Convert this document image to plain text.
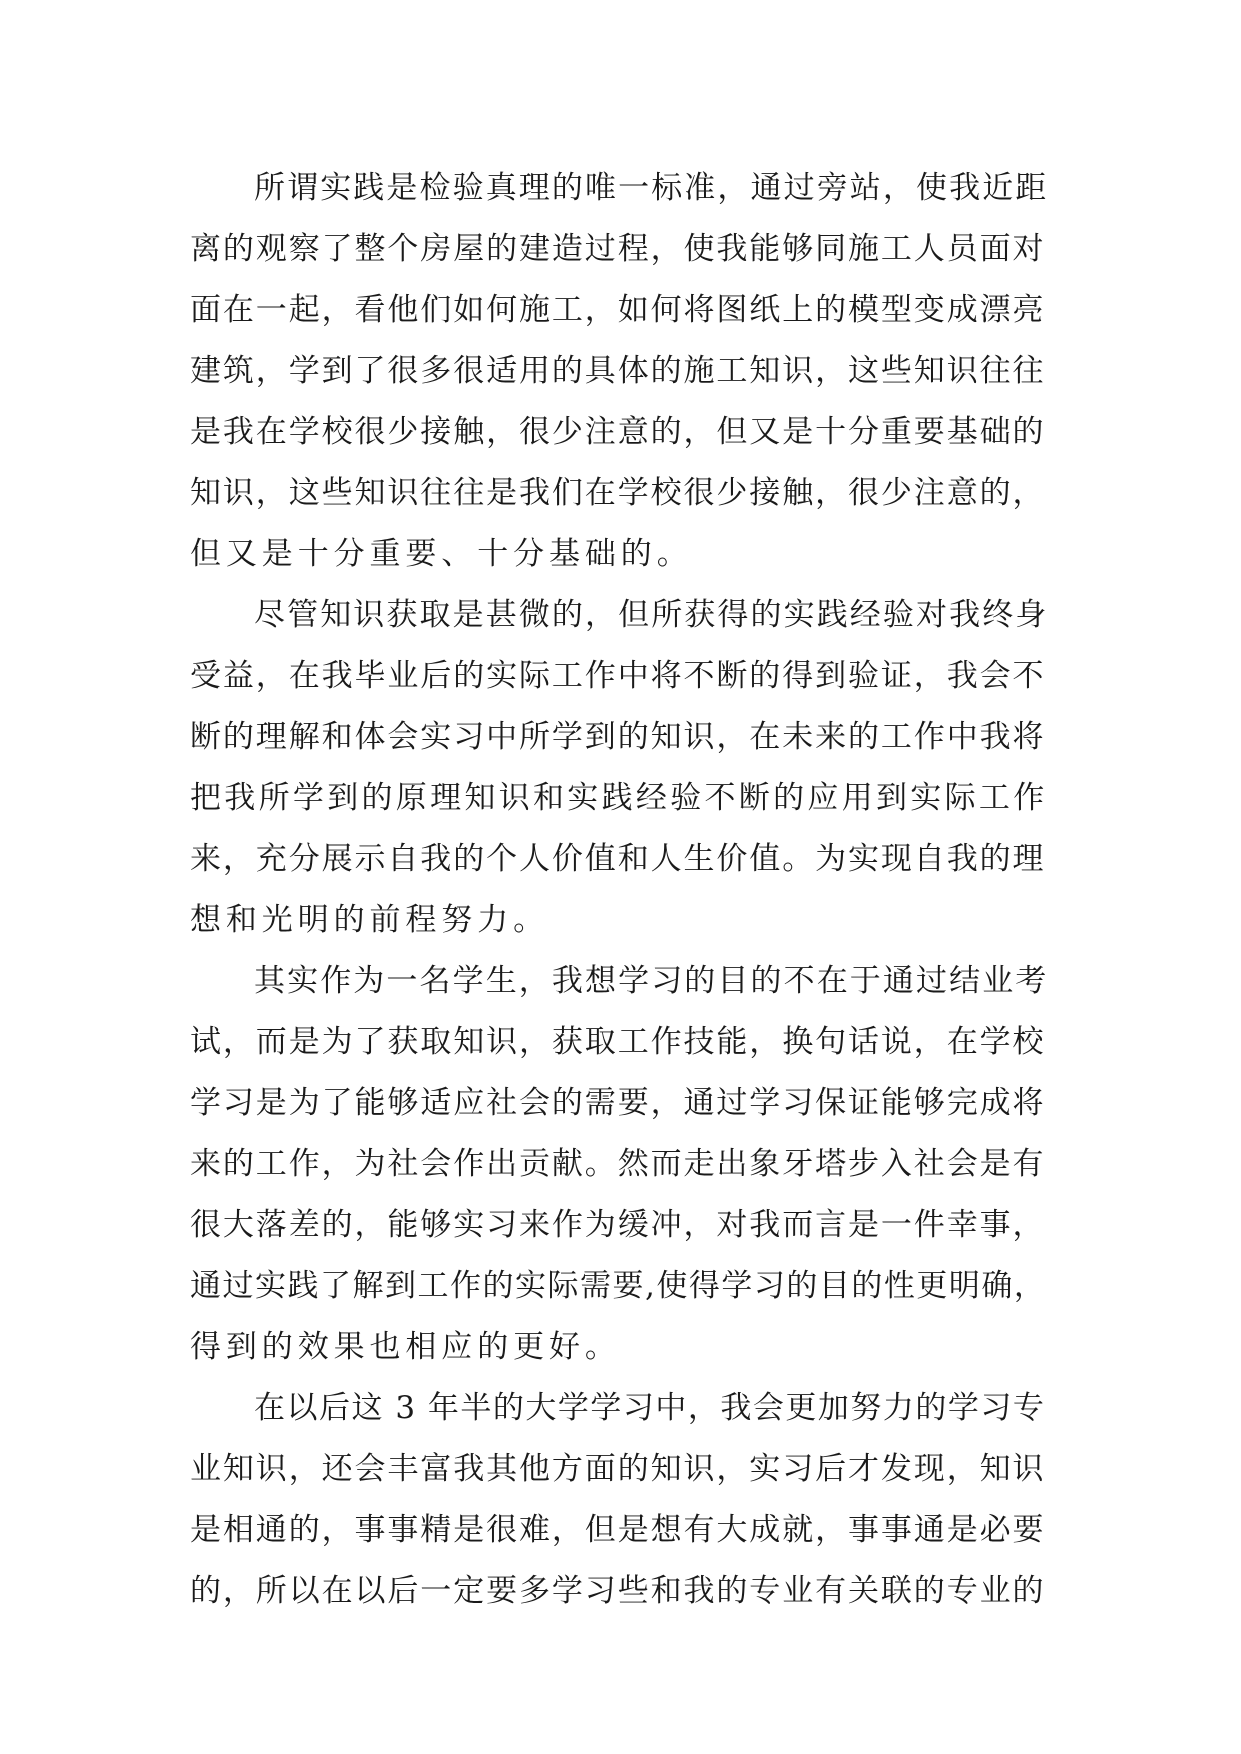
所谓实践是检验真理的唯一标准，通过旁站，使我近距
离的观察了整个房屋的建造过程，使我能够同施工人员面对
面在一起，看他们如何施工，如何将图纸上的模型变成漂亮
建筑，学到了很多很适用的具体的施工知识，这些知识往往
是我在学校很少接触，很少注意的，但又是十分重要基础的
知识，这些知识往往是我们在学校很少接触，很少注意的，
但又是十分重要、十分基础的。
尽管知识获取是甚微的，但所获得的实践经验对我终身
受益，在我毕业后的实际工作中将不断的得到验证，我会不
断的理解和体会实习中所学到的知识，在未来的工作中我将
把我所学到的原理知识和实践经验不断的应用到实际工作
来，充分展示自我的个人价值和人生价值。为实现自我的理
想和光明的前程努力。
其实作为一名学生，我想学习的目的不在于通过结业考
试，而是为了获取知识，获取工作技能，换句话说，在学校
学习是为了能够适应社会的需要，通过学习保证能够完成将
来的工作，为社会作出贡献。然而走出象牙塔步入社会是有
很大落差的，能够实习来作为缓冲，对我而言是一件幸事，
通过实践了解到工作的实际需要,使得学习的目的性更明确，
得到的效果也相应的更好。
在以后这 3 年半的大学学习中，我会更加努力的学习专
业知识，还会丰富我其他方面的知识，实习后才发现，知识
是相通的，事事精是很难，但是想有大成就，事事通是必要
的，所以在以后一定要多学习些和我的专业有关联的专业的
